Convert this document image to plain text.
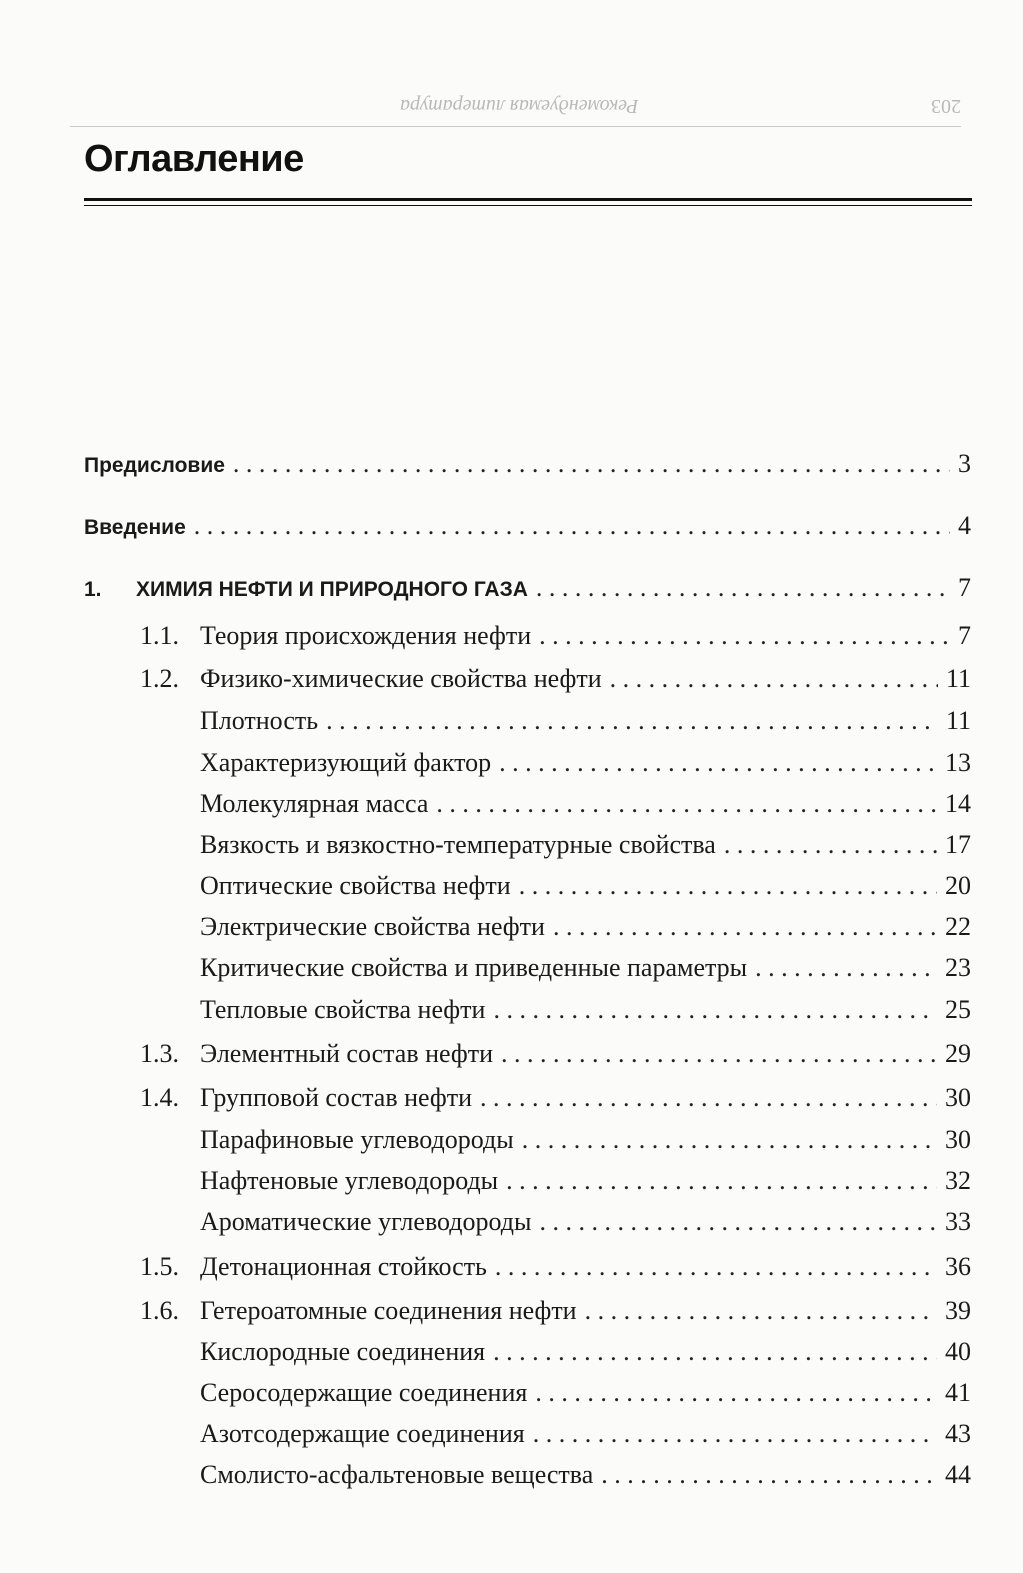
Рекомендуемая литература	203
Оглавление
Предисловие . . .	3
Введение . . .	4
1.	ХИМИЯ НЕФТИ И ПРИРОДНОГО ГАЗА . . .	7
1.1. Теория происхождения нефти . . .	7
1.2. Физико-химические свойства нефти . . .	11
Плотность . . .	11
Характеризующий фактор . . .	13
Молекулярная масса . . .	14
Вязкость и вязкостно-температурные свойства . . .	17
Оптические свойства нефти . . .	20
Электрические свойства нефти . . .	22
Критические свойства и приведенные параметры . . .	23
Тепловые свойства нефти . . .	25
1.3. Элементный состав нефти . . .	29
1.4. Групповой состав нефти . . .	30
Парафиновые углеводороды . . .	30
Нафтеновые углеводороды . . .	32
Ароматические углеводороды . . .	33
1.5. Детонационная стойкость . . .	36
1.6. Гетероатомные соединения нефти . . .	39
Кислородные соединения . . .	40
Серосодержащие соединения . . .	41
Азотсодержащие соединения . . .	43
Смолисто-асфальтеновые вещества . . .	44
